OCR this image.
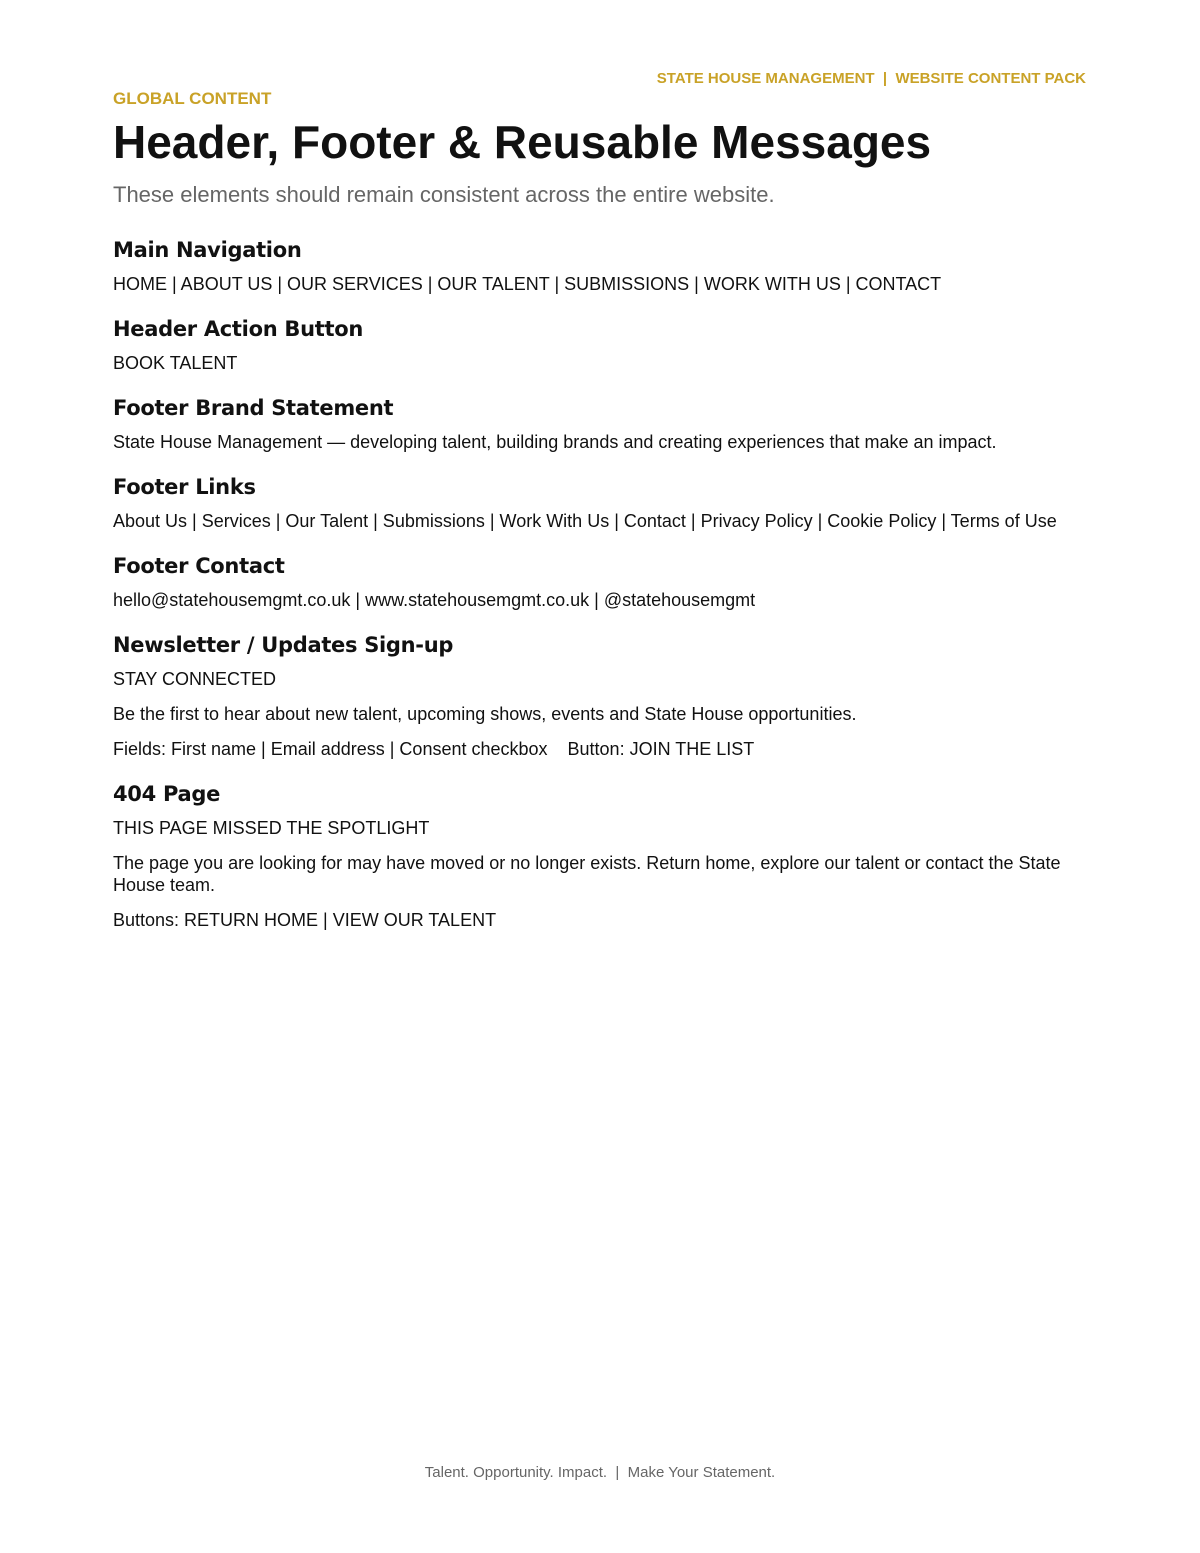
STATE HOUSE MANAGEMENT  |  WEBSITE CONTENT PACK

GLOBAL CONTENT

Header, Footer & Reusable Messages

These elements should remain consistent across the entire website.

Main Navigation

HOME | ABOUT US | OUR SERVICES | OUR TALENT | SUBMISSIONS | WORK WITH US | CONTACT

Header Action Button

BOOK TALENT

Footer Brand Statement

State House Management — developing talent, building brands and creating experiences that make an impact.

Footer Links

About Us | Services | Our Talent | Submissions | Work With Us | Contact | Privacy Policy | Cookie Policy | Terms of Use

Footer Contact

hello@statehousemgmt.co.uk | www.statehousemgmt.co.uk | @statehousemgmt

Newsletter / Updates Sign-up

STAY CONNECTED

Be the first to hear about new talent, upcoming shows, events and State House opportunities.

Fields: First name | Email address | Consent checkbox Button: JOIN THE LIST

404 Page

THIS PAGE MISSED THE SPOTLIGHT

The page you are looking for may have moved or no longer exists. Return home, explore our talent or contact the State House team.

Buttons: RETURN HOME | VIEW OUR TALENT

Talent. Opportunity. Impact.  |  Make Your Statement.
